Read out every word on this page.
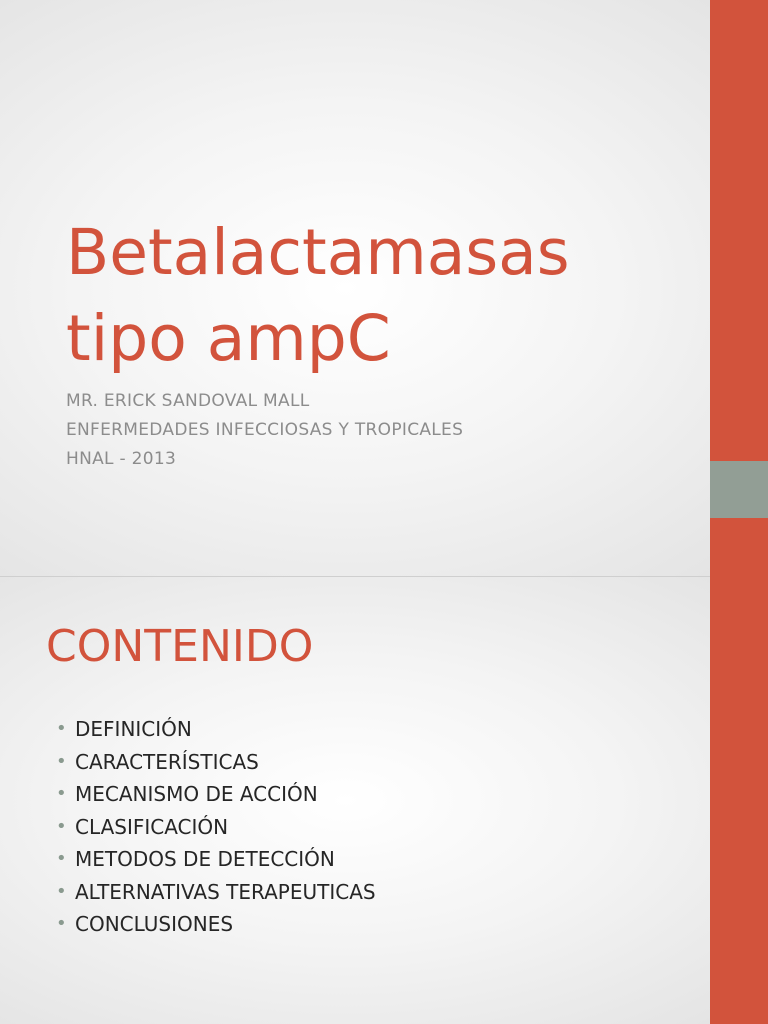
Betalactamasas
tipo ampC
MR. ERICK SANDOVAL MALL
ENFERMEDADES INFECCIOSAS Y TROPICALES
HNAL - 2013
CONTENIDO
• DEFINICIÓN
• CARACTERÍSTICAS
• MECANISMO DE ACCIÓN
• CLASIFICACIÓN
• METODOS DE DETECCIÓN
• ALTERNATIVAS TERAPEUTICAS
• CONCLUSIONES
